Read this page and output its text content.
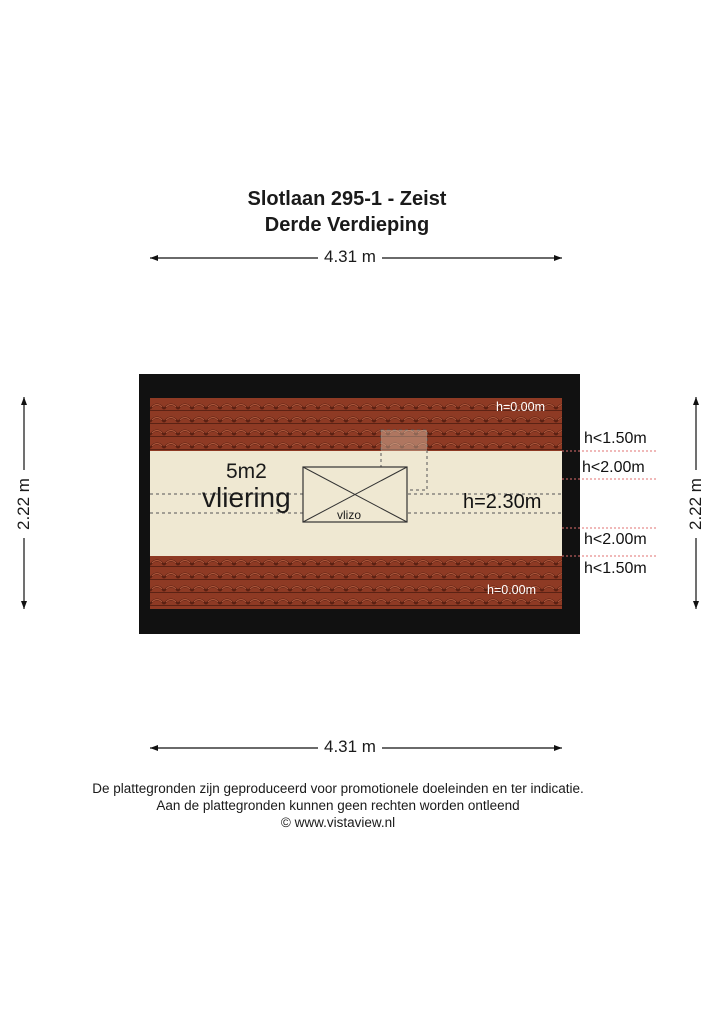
Slotlaan 295-1 - Zeist
Derde Verdieping
4.31 m
4.31 m
2.22 m	2.22 m
5m2
vliering
vlizo
h=0.00m
h=0.00m
h=2.30m
h<1.50m
h<2.00m
h<2.00m
h<1.50m
De plattegronden zijn geproduceerd voor promotionele doeleinden en ter indicatie.
Aan de plattegronden kunnen geen rechten worden ontleend
© www.vistaview.nl
